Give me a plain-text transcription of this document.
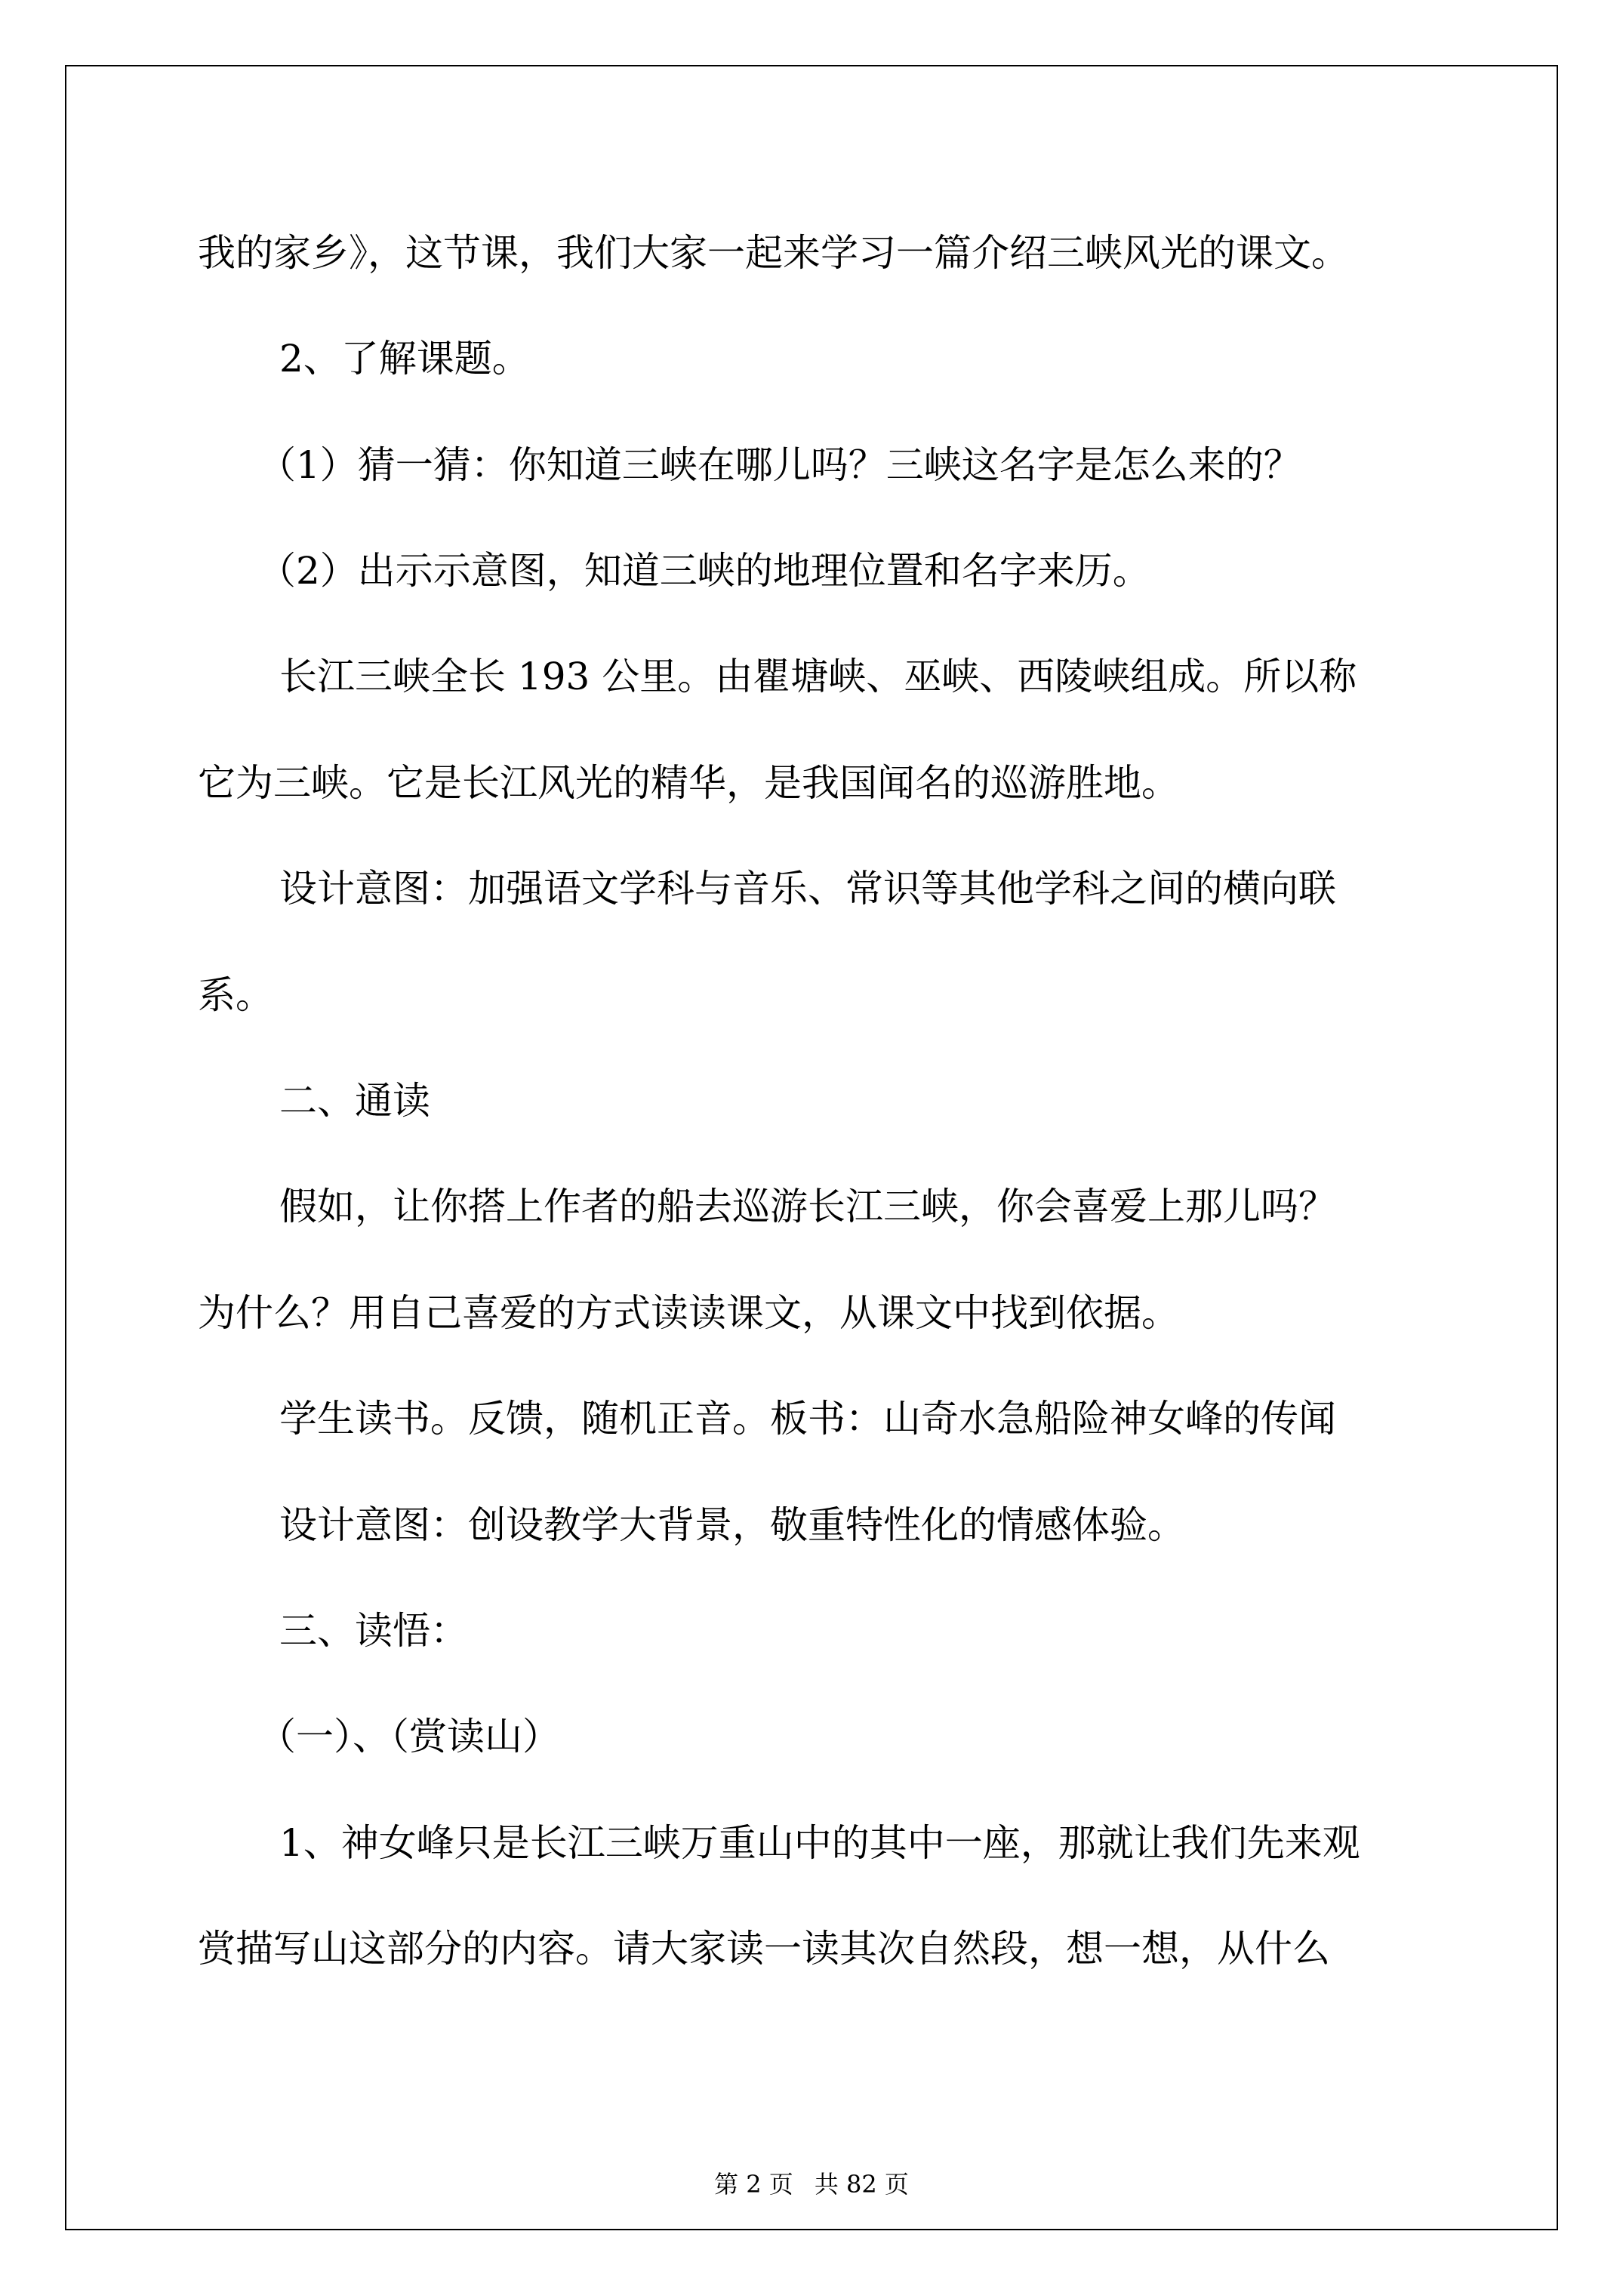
我的家乡》，这节课，我们大家一起来学习一篇介绍三峡风光的课文。
2、了解课题。
（1）猜一猜：你知道三峡在哪儿吗？三峡这名字是怎么来的？
（2）出示示意图，知道三峡的地理位置和名字来历。
长江三峡全长 193 公里。由瞿塘峡、巫峡、西陵峡组成。所以称
它为三峡。它是长江风光的精华，是我国闻名的巡游胜地。
设计意图：加强语文学科与音乐、常识等其他学科之间的横向联
系。
二、通读
假如，让你搭上作者的船去巡游长江三峡，你会喜爱上那儿吗？
为什么？用自己喜爱的方式读读课文，从课文中找到依据。
学生读书。反馈，随机正音。板书：山奇水急船险神女峰的传闻
设计意图：创设教学大背景，敬重特性化的情感体验。
三、读悟：
（一）、（赏读山）
1、神女峰只是长江三峡万重山中的其中一座，那就让我们先来观
赏描写山这部分的内容。请大家读一读其次自然段，想一想，从什么
第 2 页 共 82 页
